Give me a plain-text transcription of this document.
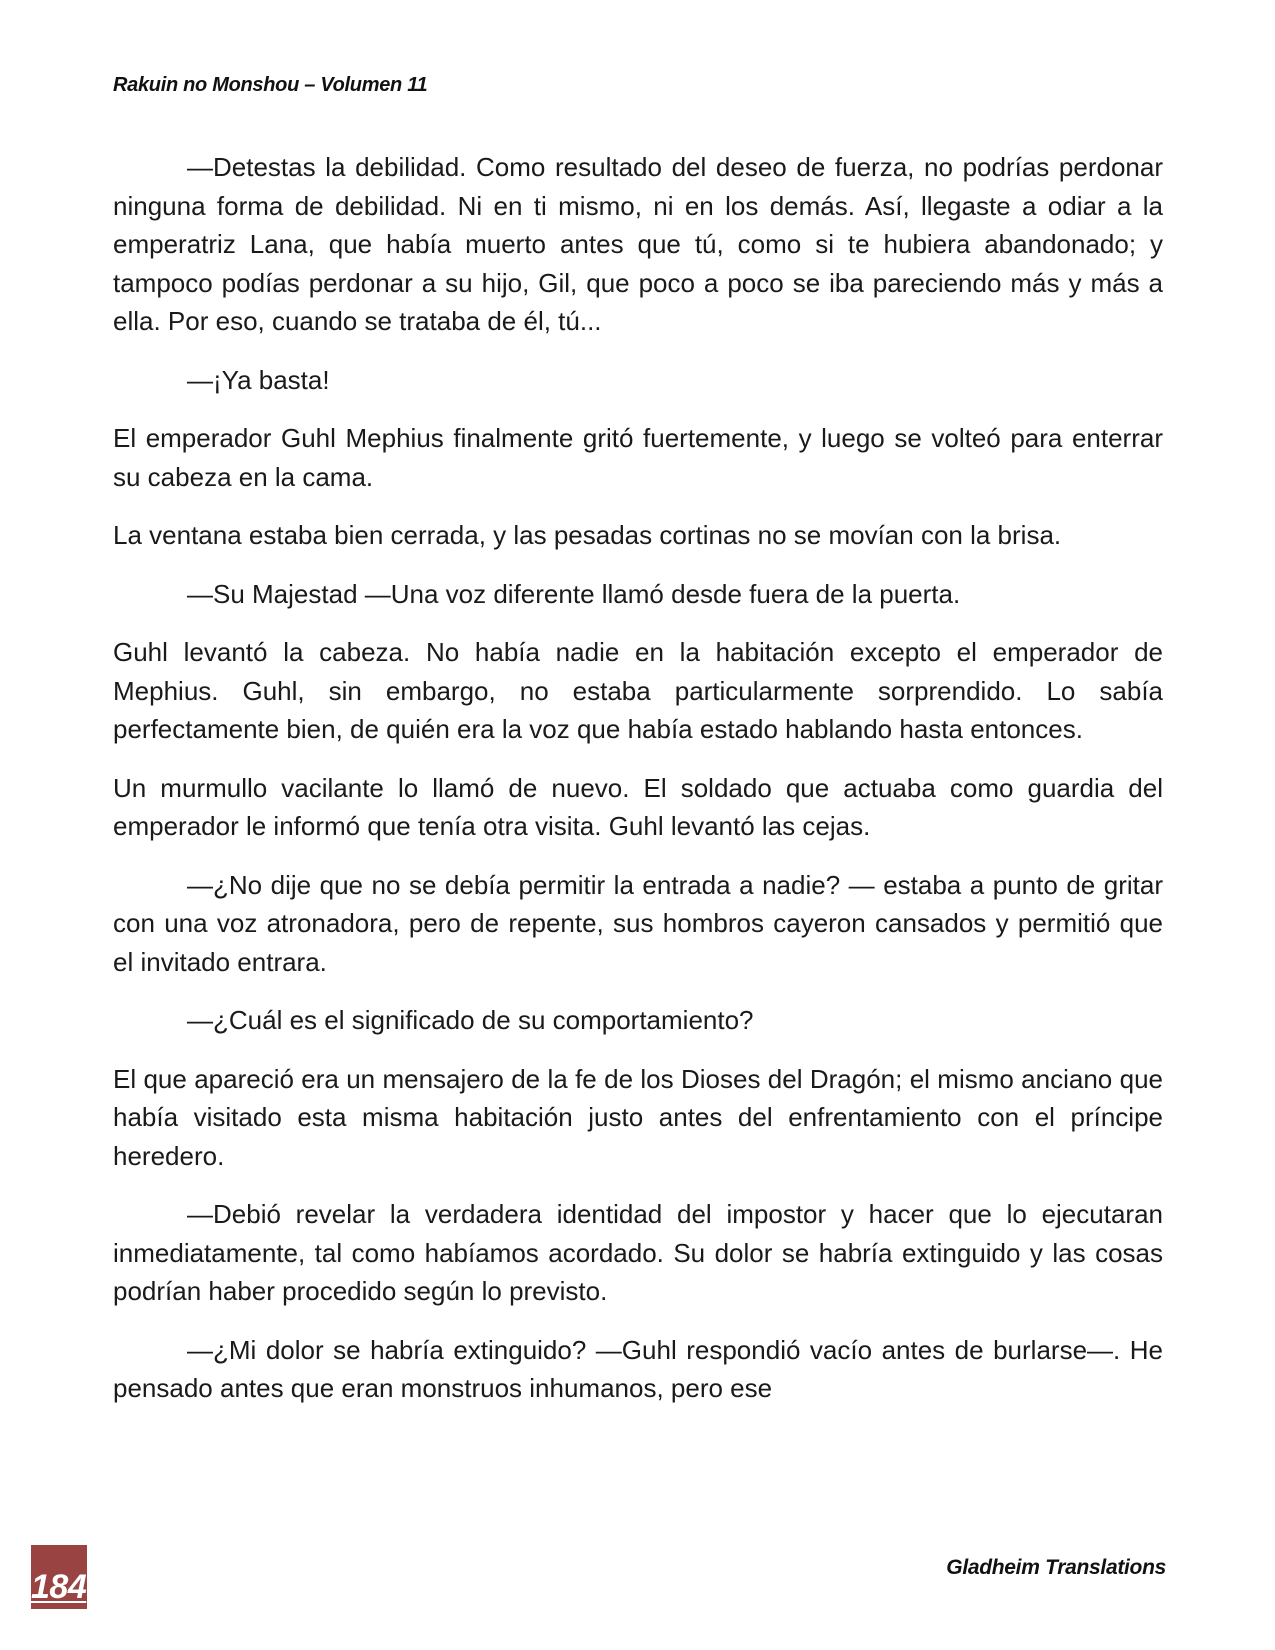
Rakuin no Monshou – Volumen 11

—Detestas la debilidad. Como resultado del deseo de fuerza, no podrías perdonar ninguna forma de debilidad. Ni en ti mismo, ni en los demás. Así, llegaste a odiar a la emperatriz Lana, que había muerto antes que tú, como si te hubiera abandonado; y tampoco podías perdonar a su hijo, Gil, que poco a poco se iba pareciendo más y más a ella. Por eso, cuando se trataba de él, tú...

—¡Ya basta!

El emperador Guhl Mephius finalmente gritó fuertemente, y luego se volteó para enterrar su cabeza en la cama.

La ventana estaba bien cerrada, y las pesadas cortinas no se movían con la brisa.

—Su Majestad —Una voz diferente llamó desde fuera de la puerta.

Guhl levantó la cabeza. No había nadie en la habitación excepto el emperador de Mephius. Guhl, sin embargo, no estaba particularmente sorprendido. Lo sabía perfectamente bien, de quién era la voz que había estado hablando hasta entonces.

Un murmullo vacilante lo llamó de nuevo. El soldado que actuaba como guardia del emperador le informó que tenía otra visita. Guhl levantó las cejas.

—¿No dije que no se debía permitir la entrada a nadie? — estaba a punto de gritar con una voz atronadora, pero de repente, sus hombros cayeron cansados y permitió que el invitado entrara.

—¿Cuál es el significado de su comportamiento?

El que apareció era un mensajero de la fe de los Dioses del Dragón; el mismo anciano que había visitado esta misma habitación justo antes del enfrentamiento con el príncipe heredero.

—Debió revelar la verdadera identidad del impostor y hacer que lo ejecutaran inmediatamente, tal como habíamos acordado. Su dolor se habría extinguido y las cosas podrían haber procedido según lo previsto.

—¿Mi dolor se habría extinguido? —Guhl respondió vacío antes de burlarse—. He pensado antes que eran monstruos inhumanos, pero ese

184
Gladheim Translations
